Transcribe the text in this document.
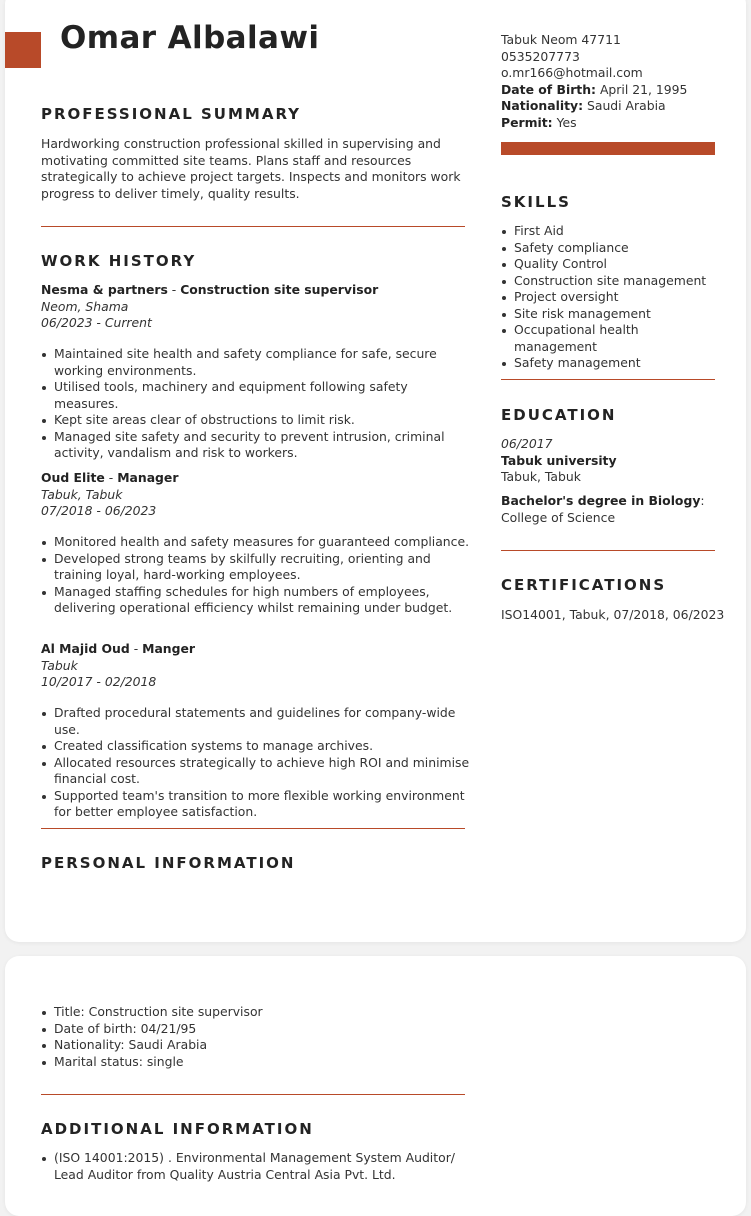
Omar Albalawi
PROFESSIONAL SUMMARY
Hardworking construction professional skilled in supervising and motivating committed site teams. Plans staff and resources strategically to achieve project targets. Inspects and monitors work progress to deliver timely, quality results.
WORK HISTORY
Nesma & partners - Construction site supervisor
Neom, Shama
06/2023 - Current
Maintained site health and safety compliance for safe, secure working environments.
Utilised tools, machinery and equipment following safety measures.
Kept site areas clear of obstructions to limit risk.
Managed site safety and security to prevent intrusion, criminal activity, vandalism and risk to workers.
Oud Elite - Manager
Tabuk, Tabuk
07/2018 - 06/2023
Monitored health and safety measures for guaranteed compliance.
Developed strong teams by skilfully recruiting, orienting and training loyal, hard-working employees.
Managed staffing schedules for high numbers of employees, delivering operational efficiency whilst remaining under budget.
Al Majid Oud - Manger
Tabuk
10/2017 - 02/2018
Drafted procedural statements and guidelines for company-wide use.
Created classification systems to manage archives.
Allocated resources strategically to achieve high ROI and minimise financial cost.
Supported team's transition to more flexible working environment for better employee satisfaction.
PERSONAL INFORMATION
Tabuk Neom 47711
0535207773
o.mr166@hotmail.com
Date of Birth: April 21, 1995
Nationality: Saudi Arabia
Permit: Yes
SKILLS
First Aid
Safety compliance
Quality Control
Construction site management
Project oversight
Site risk management
Occupational health management
Safety management
EDUCATION
06/2017
Tabuk university
Tabuk, Tabuk
Bachelor's degree in Biology:
College of Science
CERTIFICATIONS
ISO14001, Tabuk, 07/2018, 06/2023
Title: Construction site supervisor
Date of birth: 04/21/95
Nationality: Saudi Arabia
Marital status: single
ADDITIONAL INFORMATION
(ISO 14001:2015) . Environmental Management System Auditor/ Lead Auditor from Quality Austria Central Asia Pvt. Ltd.
